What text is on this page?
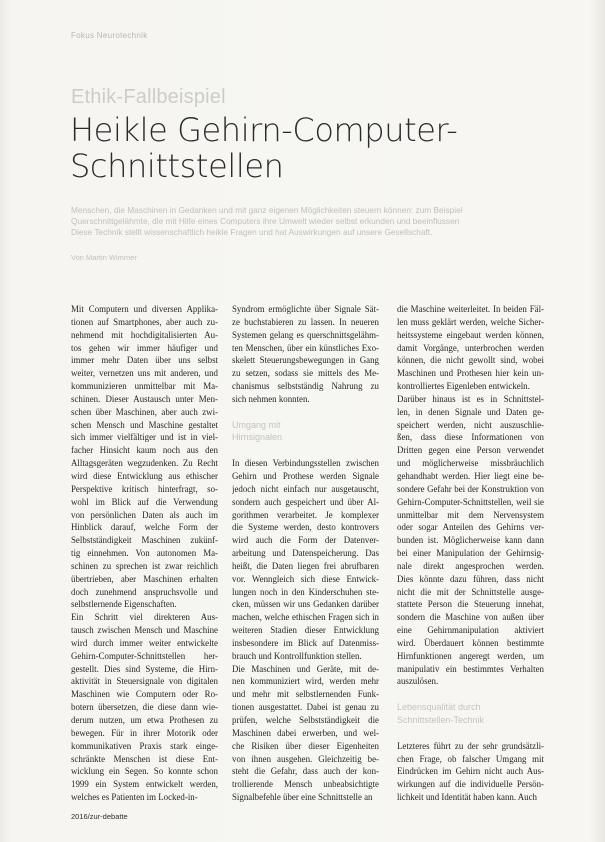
Fokus Neurotechnik
Ethik-Fallbeispiel
Heikle Gehirn-Computer-
Schnittstellen
Menschen, die Maschinen in Gedanken und mit ganz eigenen Möglichkeiten steuern können: zum Beispiel
Querschnittgelähmte, die mit Hilfe eines Computers ihre Umwelt wieder selbst erkunden und beeinflussen
Diese Technik stellt wissenschaftlich heikle Fragen und hat Auswirkungen auf unsere Gesellschaft.
Von Martin Wimmer

Mit Computern und diversen Applika-
tionen auf Smartphones, aber auch zu-
nehmend mit hochdigitalisierten Au-
tos gehen wir immer häufiger und
immer mehr Daten über uns selbst
weiter, vernetzen uns mit anderen, und
kommunizieren unmittelbar mit Ma-
schinen. Dieser Austausch unter Men-
schen über Maschinen, aber auch zwi-
schen Mensch und Maschine gestaltet
sich immer vielfältiger und ist in viel-
facher Hinsicht kaum noch aus den
Alltagsgeräten wegzudenken. Zu Recht
wird diese Entwicklung aus ethischer
Perspektive kritisch hinterfragt, so-
wohl im Blick auf die Verwendung
von persönlichen Daten als auch im
Hinblick darauf, welche Form der
Selbstständigkeit Maschinen zukünf-
tig einnehmen. Von autonomen Ma-
schinen zu sprechen ist zwar reichlich
übertrieben, aber Maschinen erhalten
doch zunehmend anspruchsvolle und
selbstlernende Eigenschaften.
Ein Schritt viel direkteren Aus-
tausch zwischen Mensch und Maschine
wird durch immer weiter entwickelte
Gehirn-Computer-Schnittstellen her-
gestellt. Dies sind Systeme, die Hirn-
aktivität in Steuersignale von digitalen
Maschinen wie Computern oder Ro-
botern übersetzen, die diese dann wie-
derum nutzen, um etwa Prothesen zu
bewegen. Für in ihrer Motorik oder
kommunikativen Praxis stark einge-
schränkte Menschen ist diese Ent-
wicklung ein Segen. So konnte schon
1999 ein System entwickelt werden,
welches es Patienten im Locked-in-

Syndrom ermöglichte über Signale Sät-
ze buchstabieren zu lassen. In neueren
Systemen gelang es querschnittsgelähm-
ten Menschen, über ein künstliches Exo-
skelett Steuerungsbewegungen in Gang
zu setzen, sodass sie mittels des Me-
chanismus selbstständig Nahrung zu
sich nehmen konnten.

Umgang mit
Hirnsignalen

In diesen Verbindungsstellen zwischen
Gehirn und Prothese werden Signale
jedoch nicht einfach nur ausgetauscht,
sondern auch gespeichert und über Al-
gorithmen verarbeitet. Je komplexer
die Systeme werden, desto kontrovers
wird auch die Form der Datenver-
arbeitung und Datenspeicherung. Das
heißt, die Daten liegen frei abrufbaren
vor. Wenngleich sich diese Entwick-
lungen noch in den Kinderschuhen ste-
cken, müssen wir uns Gedanken darüber
machen, welche ethischen Fragen sich in
weiteren Stadien dieser Entwicklung
insbesondere im Blick auf Datenmiss-
brauch und Kontrollfunktion stellen.
Die Maschinen und Geräte, mit de-
nen kommuniziert wird, werden mehr
und mehr mit selbstlernenden Funk-
tionen ausgestattet. Dabei ist genau zu
prüfen, welche Selbstständigkeit die
Maschinen dabei erwerben, und wel-
che Risiken über dieser Eigenheiten
von ihnen ausgehen. Gleichzeitig be-
steht die Gefahr, dass auch der kon-
trollierende Mensch unbeabsichtigte
Signalbefehle über eine Schnittstelle an

die Maschine weiterleitet. In beiden Fäl-
len muss geklärt werden, welche Sicher-
heitssysteme eingebaut werden können,
damit Vorgänge, unterbrochen werden
können, die nicht gewollt sind, wobei
Maschinen und Prothesen hier kein un-
kontrolliertes Eigenleben entwickeln.
Darüber hinaus ist es in Schnittstel-
len, in denen Signale und Daten ge-
speichert werden, nicht auszuschlie-
ßen, dass diese Informationen von
Dritten gegen eine Person verwendet
und möglicherweise missbräuchlich
gehandhabt werden. Hier liegt eine be-
sondere Gefahr bei der Konstruktion von
Gehirn-Computer-Schnittstellen, weil sie
unmittelbar mit dem Nervensystem
oder sogar Anteilen des Gehirns ver-
bunden ist. Möglicherweise kann dann
bei einer Manipulation der Gehirnsig-
nale direkt angesprochen werden.
Dies könnte dazu führen, dass nicht
nicht die mit der Schnittstelle ausge-
stattete Person die Steuerung innehat,
sondern die Maschine von außen über
eine Gehirnmanipulation aktiviert
wird. Überdauert können bestimmte
Hirnfunktionen angeregt werden, um
manipulativ ein bestimmtes Verhalten
auszulösen.

Lebensqualität durch
Schnittstellen-Technik

Letzteres führt zu der sehr grundsätzli-
chen Frage, ob falscher Umgang mit
Eindrücken im Gehirn nicht auch Aus-
wirkungen auf die individuelle Persön-
lichkeit und Identität haben kann. Auch

2016/zur-debatte
